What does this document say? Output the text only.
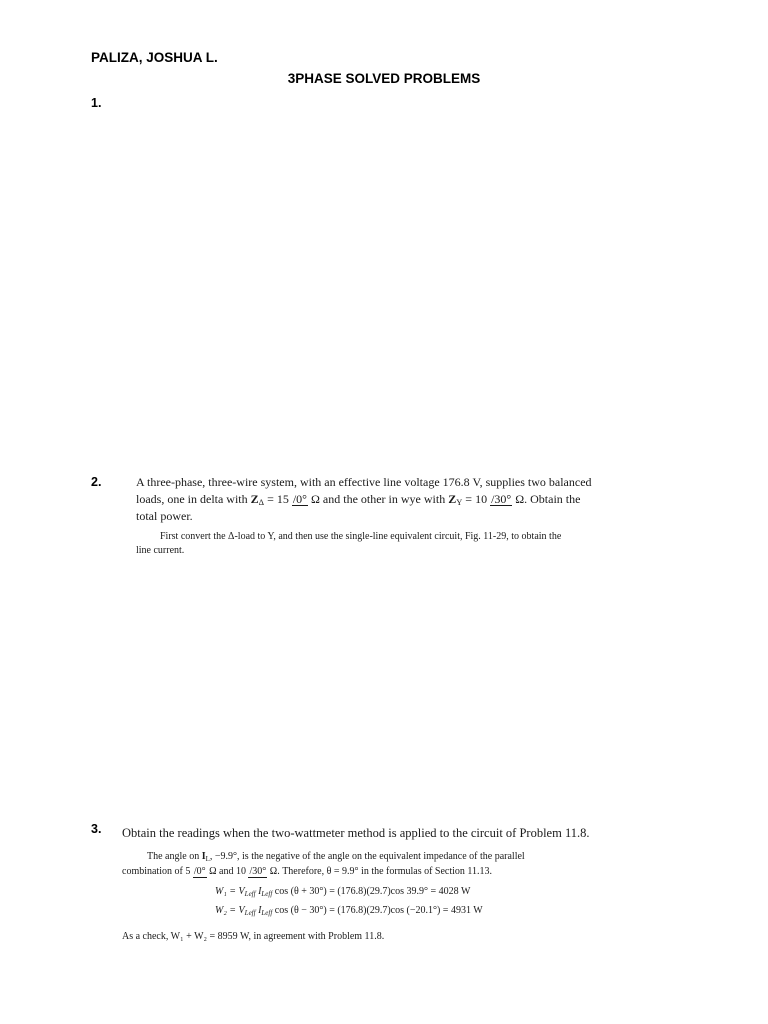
PALIZA, JOSHUA L.
3PHASE SOLVED PROBLEMS
1.
2.	A three-phase, three-wire system, with an effective line voltage 176.8 V, supplies two balanced
loads, one in delta with $Z_\Delta = 15$ /0° Ω and the other in wye with $Z_Y = 10$ /30° Ω. Obtain the
total power.
First convert the Δ-load to Y, and then use the single-line equivalent circuit, Fig. 11-29, to obtain the
line current.
3. Obtain the readings when the two-wattmeter method is applied to the circuit of Problem 11.8.
The angle on $I_L$, −9.9°, is the negative of the angle on the equivalent impedance of the parallel
combination of 5 /0° Ω and 10 /30° Ω. Therefore, θ = 9.9° in the formulas of Section 11.13.
$W_1 = V_{Leff}$ $I_{Leff}$ cos (θ + 30°) = (176.8)(29.7)cos 39.9° = 4028 W
$W_2 = V_{Leff}$ $I_{Leff}$ cos (θ − 30°) = (176.8)(29.7)cos (−20.1°) = 4931 W
As a check, W₁ + W₂ = 8959 W, in agreement with Problem 11.8.
